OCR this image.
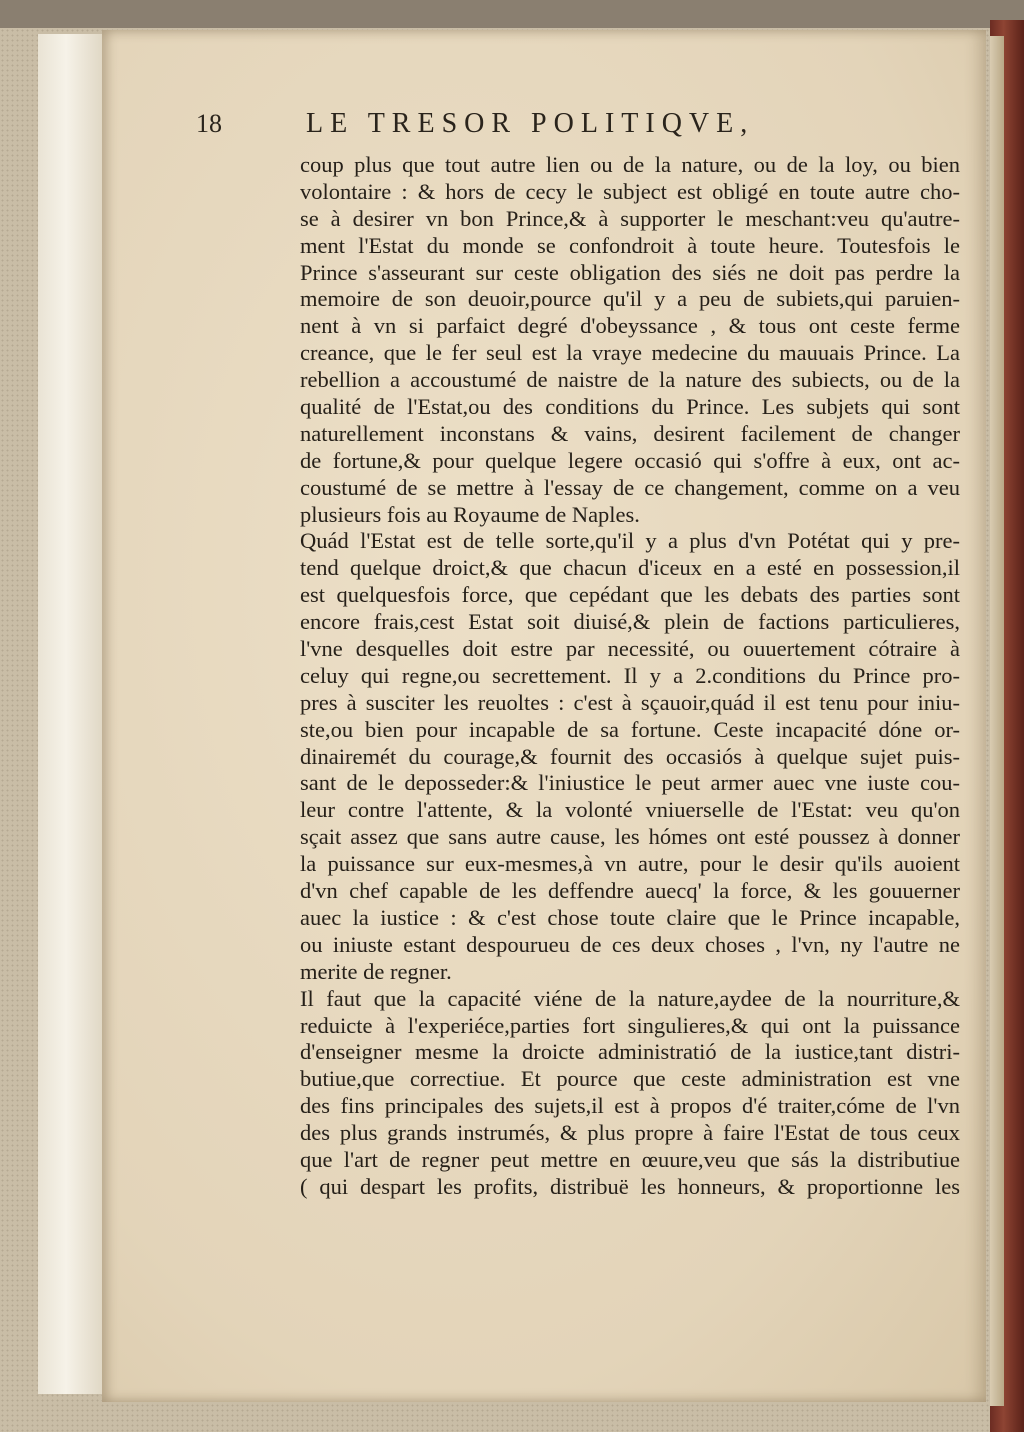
18	LE TRESOR POLITIQVE,
coup plus que tout autre lien ou de la nature, ou de la loy, ou bien
volontaire : & hors de cecy le subject est obligé en toute autre cho-
se à desirer vn bon Prince,& à supporter le meschant:veu qu'autre-
ment l'Estat du monde se confondroit à toute heure. Toutesfois le
Prince s'asseurant sur ceste obligation des siés ne doit pas perdre la
memoire de son deuoir,pource qu'il y a peu de subiets,qui paruien-
nent à vn si parfaict degré d'obeyssance , & tous ont ceste ferme
creance, que le fer seul est la vraye medecine du mauuais Prince. La
rebellion a accoustumé de naistre de la nature des subiects, ou de la
qualité de l'Estat,ou des conditions du Prince. Les subjets qui sont
naturellement inconstans & vains, desirent facilement de changer
de fortune,& pour quelque legere occasió qui s'offre à eux, ont ac-
coustumé de se mettre à l'essay de ce changement, comme on a veu
plusieurs fois au Royaume de Naples.
Quád l'Estat est de telle sorte,qu'il y a plus d'vn Potétat qui y pre-
tend quelque droict,& que chacun d'iceux en a esté en possession,il
est quelquesfois force, que cepédant que les debats des parties sont
encore frais,cest Estat soit diuisé,& plein de factions particulieres,
l'vne desquelles doit estre par necessité, ou ouuertement cótraire à
celuy qui regne,ou secrettement. Il y a 2.conditions du Prince pro-
pres à susciter les reuoltes : c'est à sçauoir,quád il est tenu pour iniu-
ste,ou bien pour incapable de sa fortune. Ceste incapacité dóne or-
dinairemét du courage,& fournit des occasiós à quelque sujet puis-
sant de le deposseder:& l'iniustice le peut armer auec vne iuste cou-
leur contre l'attente, & la volonté vniuerselle de l'Estat: veu qu'on
sçait assez que sans autre cause, les hómes ont esté poussez à donner
la puissance sur eux-mesmes,à vn autre, pour le desir qu'ils auoient
d'vn chef capable de les deffendre auecq' la force, & les gouuerner
auec la iustice : & c'est chose toute claire que le Prince incapable,
ou iniuste estant despourueu de ces deux choses , l'vn, ny l'autre ne
merite de regner.
Il faut que la capacité viéne de la nature,aydee de la nourriture,&
reduicte à l'experiéce,parties fort singulieres,& qui ont la puissance
d'enseigner mesme la droicte administratió de la iustice,tant distri-
butiue,que correctiue. Et pource que ceste administration est vne
des fins principales des sujets,il est à propos d'é traiter,cóme de l'vn
des plus grands instrumés, & plus propre à faire l'Estat de tous ceux
que l'art de regner peut mettre en œuure,veu que sás la distributiue
( qui despart les profits, distribuë les honneurs, & proportionne les
